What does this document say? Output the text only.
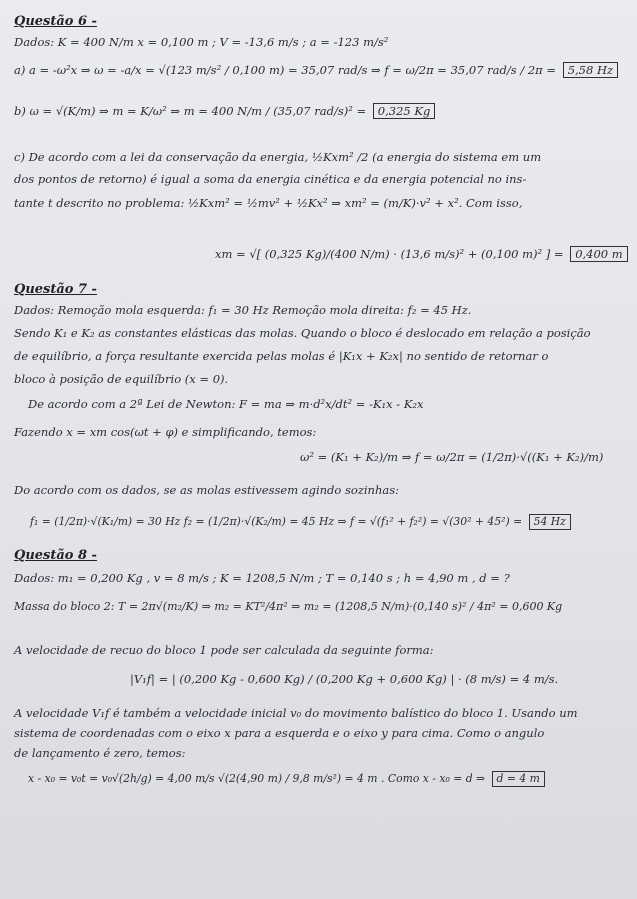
Questão 6 -
Dados: K = 400 N/m x = 0,100 m ; V = -13,6 m/s ; a = -123 m/s²
a) a = -ω²x ⇒ ω = -a/x = √(123 m/s² / 0,100 m) = 35,07 rad/s ⇒ f = ω/2π = 35,07 rad/s / 2π = 5,58 Hz
b) ω = √(K/m) ⇒ m = K/ω² ⇒ m = 400 N/m / (35,07 rad/s)² = 0,325 Kg
c) De acordo com a lei da conservação da energia, ½Kxm² /2 (a energia do sistema em um
dos pontos de retorno) é igual a soma da energia cinética e da energia potencial no ins-
tante t descrito no problema: ½Kxm² = ½mv² + ½Kx² ⇒ xm² = (m/K)·v² + x². Com isso,
xm = √[ (0,325 Kg)/(400 N/m) · (13,6 m/s)² + (0,100 m)² ] = 0,400 m
Questão 7 -
Dados: Remoção mola esquerda: f₁ = 30 Hz Remoção mola direita: f₂ = 45 Hz.
Sendo K₁ e K₂ as constantes elásticas das molas. Quando o bloco é deslocado em relação a posição
de equilíbrio, a força resultante exercida pelas molas é |K₁x + K₂x| no sentido de retornar o
bloco à posição de equilíbrio (x = 0).
De acordo com a 2ª Lei de Newton: F = ma ⇒ m·d²x/dt² = -K₁x - K₂x
Fazendo x = xm cos(ωt + φ) e simplificando, temos:
ω² = (K₁ + K₂)/m ⇒ f = ω/2π = (1/2π)·√((K₁ + K₂)/m)
Do acordo com os dados, se as molas estivessem agindo sozinhas:
f₁ = (1/2π)·√(K₁/m) = 30 Hz f₂ = (1/2π)·√(K₂/m) = 45 Hz ⇒ f = √(f₁² + f₂²) = √(30² + 45²) = 54 Hz
Questão 8 -
Dados: m₁ = 0,200 Kg , v = 8 m/s ; K = 1208,5 N/m ; T = 0,140 s ; h = 4,90 m , d = ?
Massa do bloco 2: T = 2π√(m₂/K) ⇒ m₂ = KT²/4π² ⇒ m₂ = (1208,5 N/m)·(0,140 s)² / 4π² = 0,600 Kg
A velocidade de recuo do bloco 1 pode ser calculada da seguinte forma:
|V₁f| = | (0,200 Kg - 0,600 Kg) / (0,200 Kg + 0,600 Kg) | · (8 m/s) = 4 m/s.
A velocidade V₁f é também a velocidade inicial v₀ do movimento balístico do bloco 1. Usando um
sistema de coordenadas com o eixo x para a esquerda e o eixo y para cima. Como o angulo
de lançamento é zero, temos:
x - x₀ = v₀t = v₀√(2h/g) = 4,00 m/s √(2(4,90 m) / 9,8 m/s²) = 4 m . Como x - x₀ = d ⇒ d = 4 m
